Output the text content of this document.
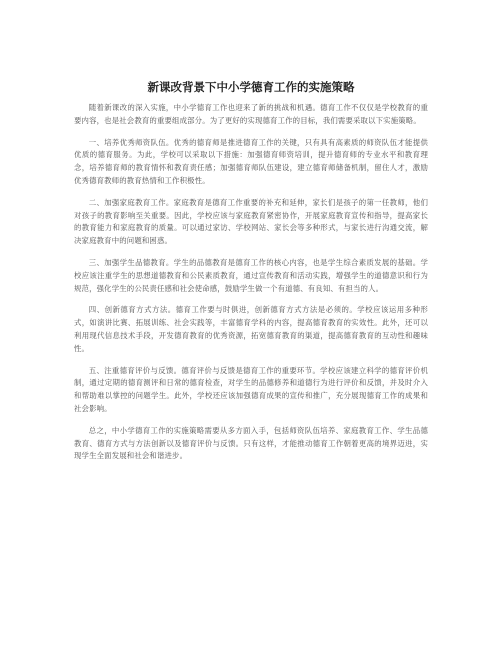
新课改背景下中小学德育工作的实施策略

随着新课改的深入实施，中小学德育工作也迎来了新的挑战和机遇。德育工作不仅仅是学校教育的重要内容，也是社会教育的重要组成部分。为了更好的实现德育工作的目标，我们需要采取以下实施策略。

一、培养优秀师资队伍。优秀的德育师是推进德育工作的关键，只有具有高素质的师资队伍才能提供优质的德育服务。为此，学校可以采取以下措施：加强德育师资培训，提升德育师的专业水平和教育理念，培养德育师的教育情怀和教育责任感；加强德育师队伍建设，建立德育师储备机制，留住人才，激励优秀德育教师的教育热情和工作积极性。

二、加强家庭教育工作。家庭教育是德育工作重要的补充和延伸，家长们是孩子的第一任教师，他们对孩子的教育影响至关重要。因此，学校应该与家庭教育紧密协作，开展家庭教育宣传和指导，提高家长的教育能力和家庭教育的质量。可以通过家访、学校网站、家长会等多种形式，与家长进行沟通交流，解决家庭教育中的问题和困惑。

三、加强学生品德教育。学生的品德教育是德育工作的核心内容，也是学生综合素质发展的基础。学校应该注重学生的思想道德教育和公民素质教育，通过宣传教育和活动实践，增强学生的道德意识和行为规范，强化学生的公民责任感和社会使命感，鼓励学生做一个有道德、有良知、有担当的人。

四、创新德育方式方法。德育工作要与时俱进，创新德育方式方法是必须的。学校应该运用多种形式，如演讲比赛、拓展训练、社会实践等，丰富德育学科的内容，提高德育教育的实效性。此外，还可以利用现代信息技术手段，开发德育教育的优秀资源，拓宽德育教育的渠道，提高德育教育的互动性和趣味性。

五、注重德育评价与反馈。德育评价与反馈是德育工作的重要环节。学校应该建立科学的德育评价机制，通过定期的德育测评和日常的德育检查，对学生的品德修养和道德行为进行评价和反馈，并及时介入和帮助难以掌控的问题学生。此外，学校还应该加强德育成果的宣传和推广，充分展现德育工作的成果和社会影响。

总之，中小学德育工作的实施策略需要从多方面入手，包括师资队伍培养、家庭教育工作、学生品德教育、德育方式与方法创新以及德育评价与反馈。只有这样，才能推动德育工作朝着更高的境界迈进，实现学生全面发展和社会和谐进步。
